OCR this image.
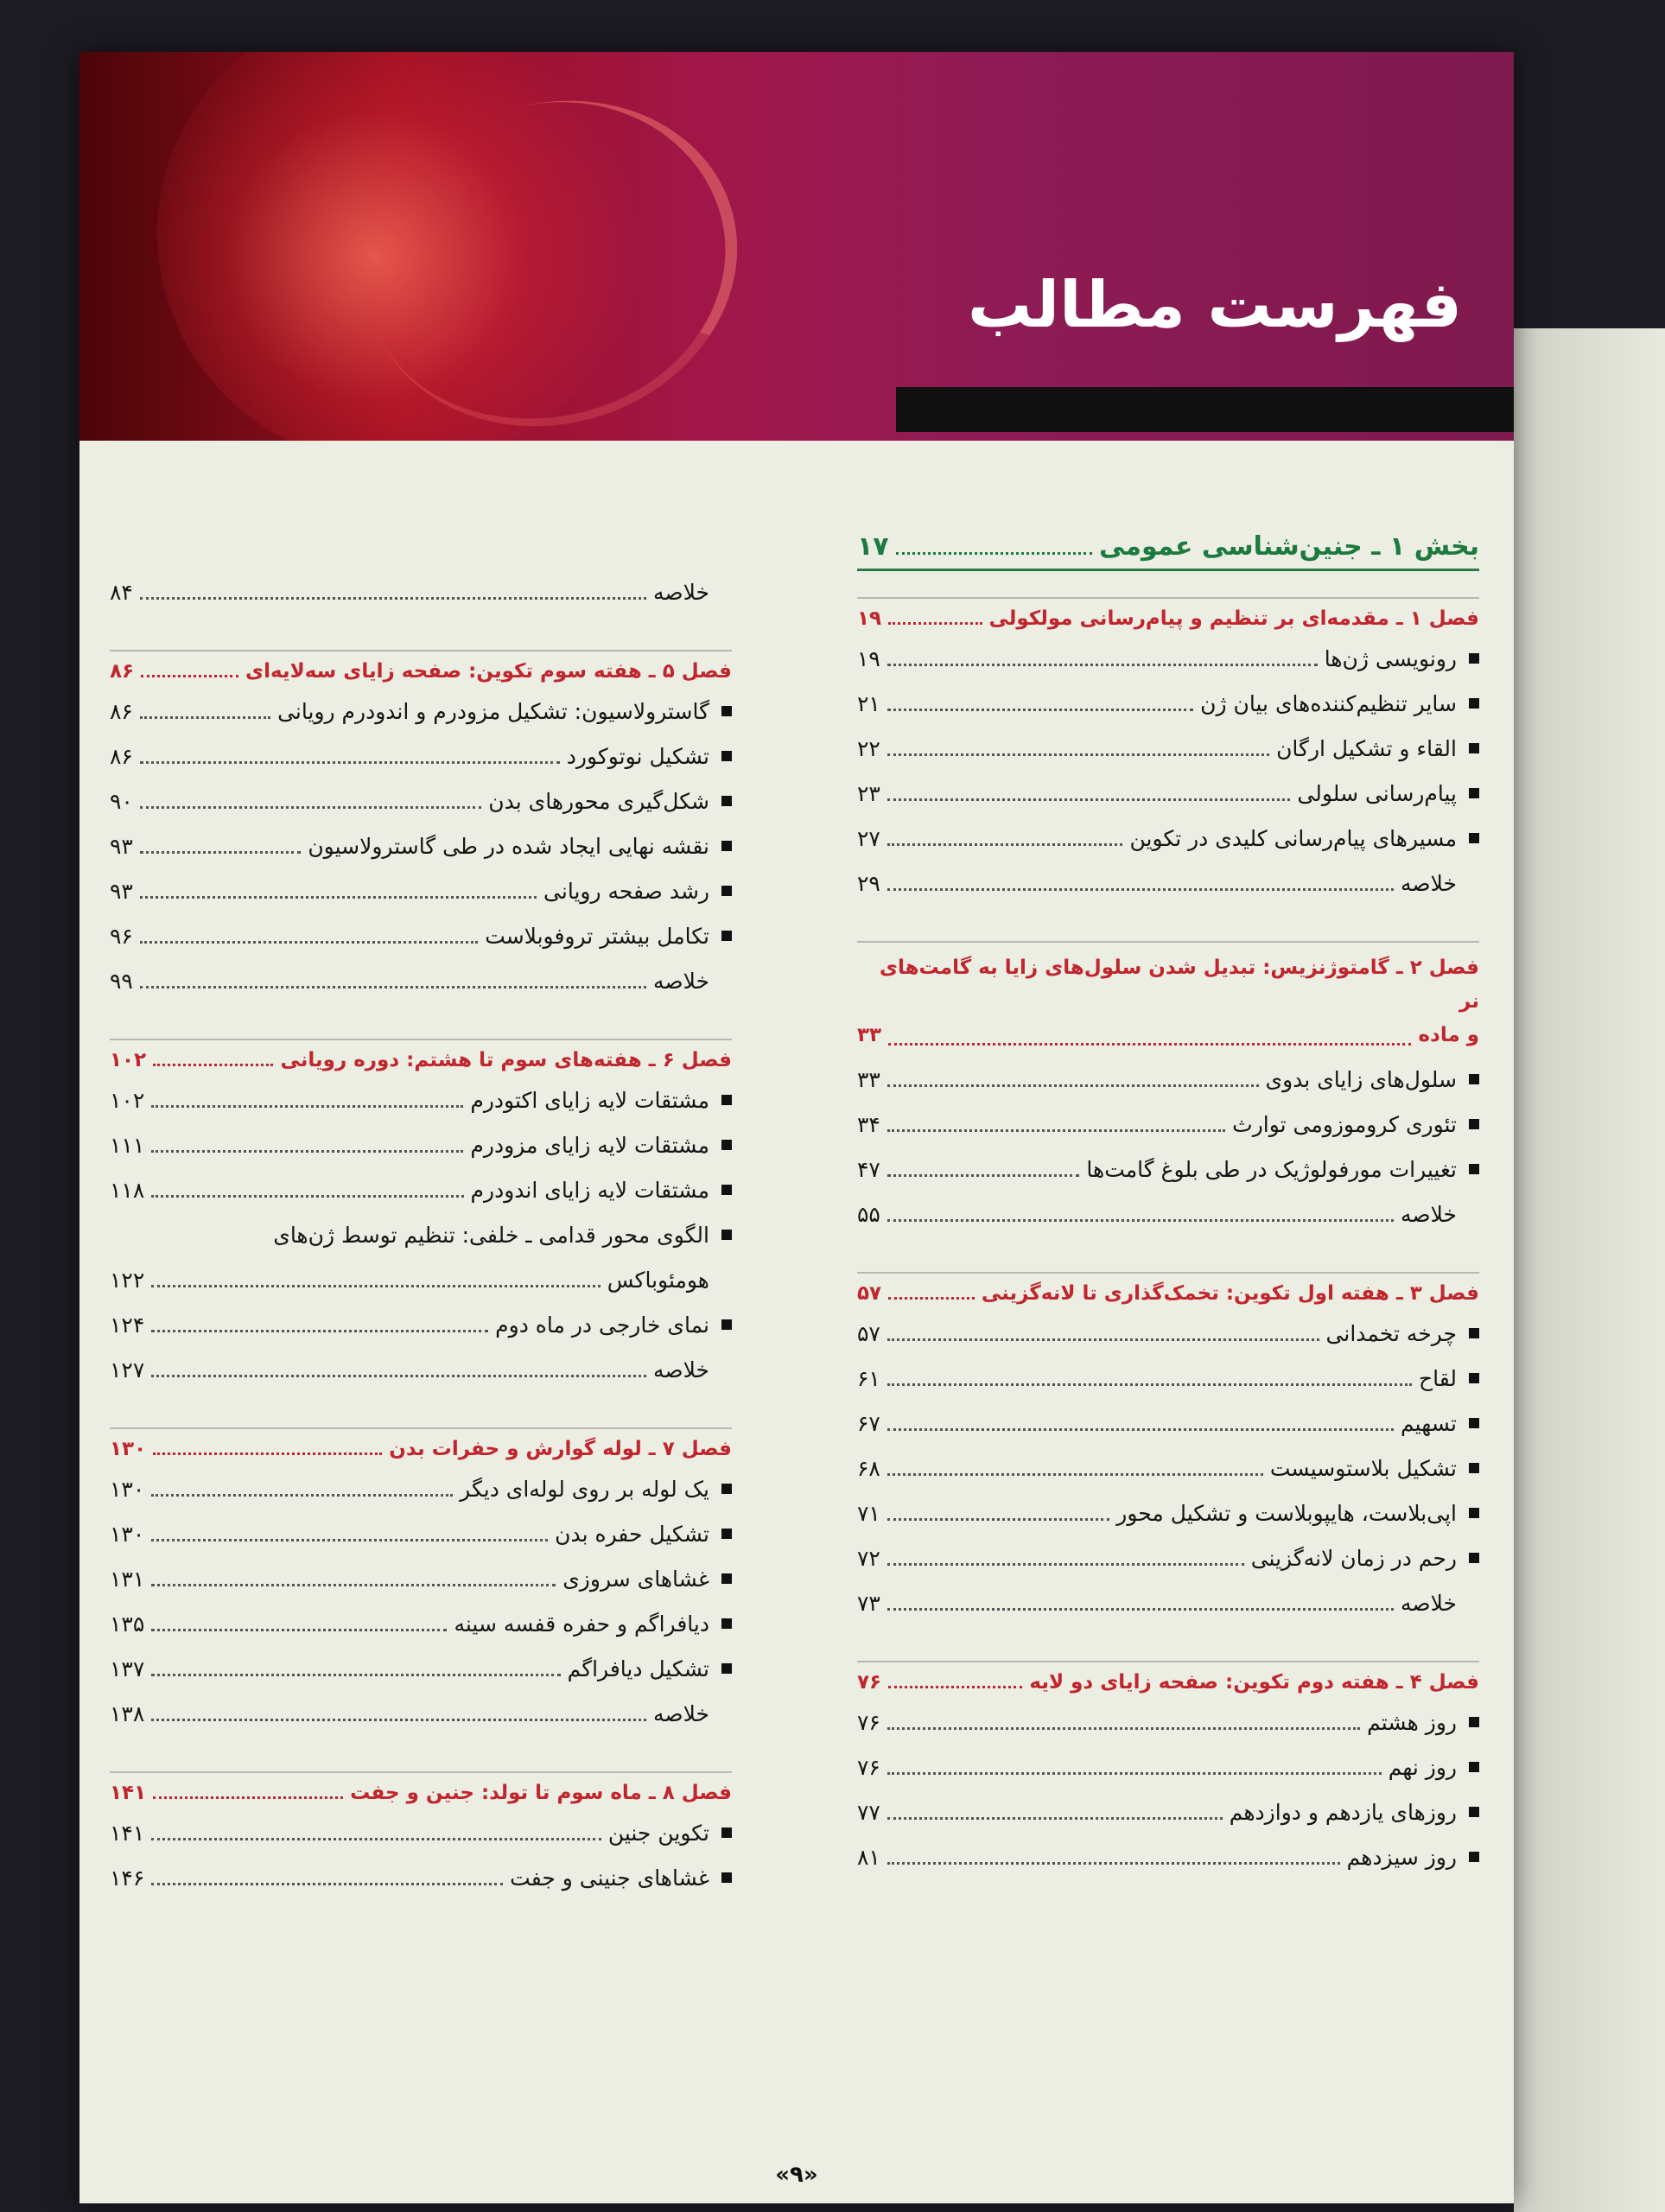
فهرست مطالب
بخش ۱ ـ جنین‌شناسی عمومی
۱۷
فصل ۱ ـ مقدمه‌ای بر تنظیم و پیام‌رسانی مولکولی
۱۹
رونویسی ژن‌ها
۱۹
سایر تنظیم‌کننده‌های بیان ژن
۲۱
القاء و تشکیل ارگان
۲۲
پیام‌رسانی سلولی
۲۳
مسیرهای پیام‌رسانی کلیدی در تکوین
۲۷
خلاصه
۲۹
فصل ۲ ـ گامتوژنزیس: تبدیل شدن سلول‌های زایا به گامت‌های نر
و ماده
۳۳
سلول‌های زایای بدوی
۳۳
تئوری کروموزومی توارث
۳۴
تغییرات مورفولوژیک در طی بلوغ گامت‌ها
۴۷
خلاصه
۵۵
فصل ۳ ـ هفته اول تکوین: تخمک‌گذاری تا لانه‌گزینی
۵۷
چرخه تخمدانی
۵۷
لقاح
۶۱
تسهیم
۶۷
تشکیل بلاستوسیست
۶۸
اپی‌بلاست، هایپوبلاست و تشکیل محور
۷۱
رحم در زمان لانه‌گزینی
۷۲
خلاصه
۷۳
فصل ۴ ـ هفته دوم تکوین: صفحه زایای دو لایه
۷۶
روز هشتم
۷۶
روز نهم
۷۶
روزهای یازدهم و دوازدهم
۷۷
روز سیزدهم
۸۱
خلاصه
۸۴
فصل ۵ ـ هفته سوم تکوین: صفحه زایای سه‌لایه‌ای
۸۶
گاسترولاسیون: تشکیل مزودرم و اندودرم رویانی
۸۶
تشکیل نوتوکورد
۸۶
شکل‌گیری محورهای بدن
۹۰
نقشه نهایی ایجاد شده در طی گاسترولاسیون
۹۳
رشد صفحه رویانی
۹۳
تکامل بیشتر تروفوبلاست
۹۶
خلاصه
۹۹
فصل ۶ ـ هفته‌های سوم تا هشتم: دوره رویانی
۱۰۲
مشتقات لایه زایای اکتودرم
۱۰۲
مشتقات لایه زایای مزودرم
۱۱۱
مشتقات لایه زایای اندودرم
۱۱۸
الگوی محور قدامی ـ خلفی: تنظیم توسط ژن‌های
هومئوباکس
۱۲۲
نمای خارجی در ماه دوم
۱۲۴
خلاصه
۱۲۷
فصل ۷ ـ لوله گوارش و حفرات بدن
۱۳۰
یک لوله بر روی لوله‌ای دیگر
۱۳۰
تشکیل حفره بدن
۱۳۰
غشاهای سروزی
۱۳۱
دیافراگم و حفره قفسه سینه
۱۳۵
تشکیل دیافراگم
۱۳۷
خلاصه
۱۳۸
فصل ۸ ـ ماه سوم تا تولد: جنین و جفت
۱۴۱
تکوین جنین
۱۴۱
غشاهای جنینی و جفت
۱۴۶
«۹»
